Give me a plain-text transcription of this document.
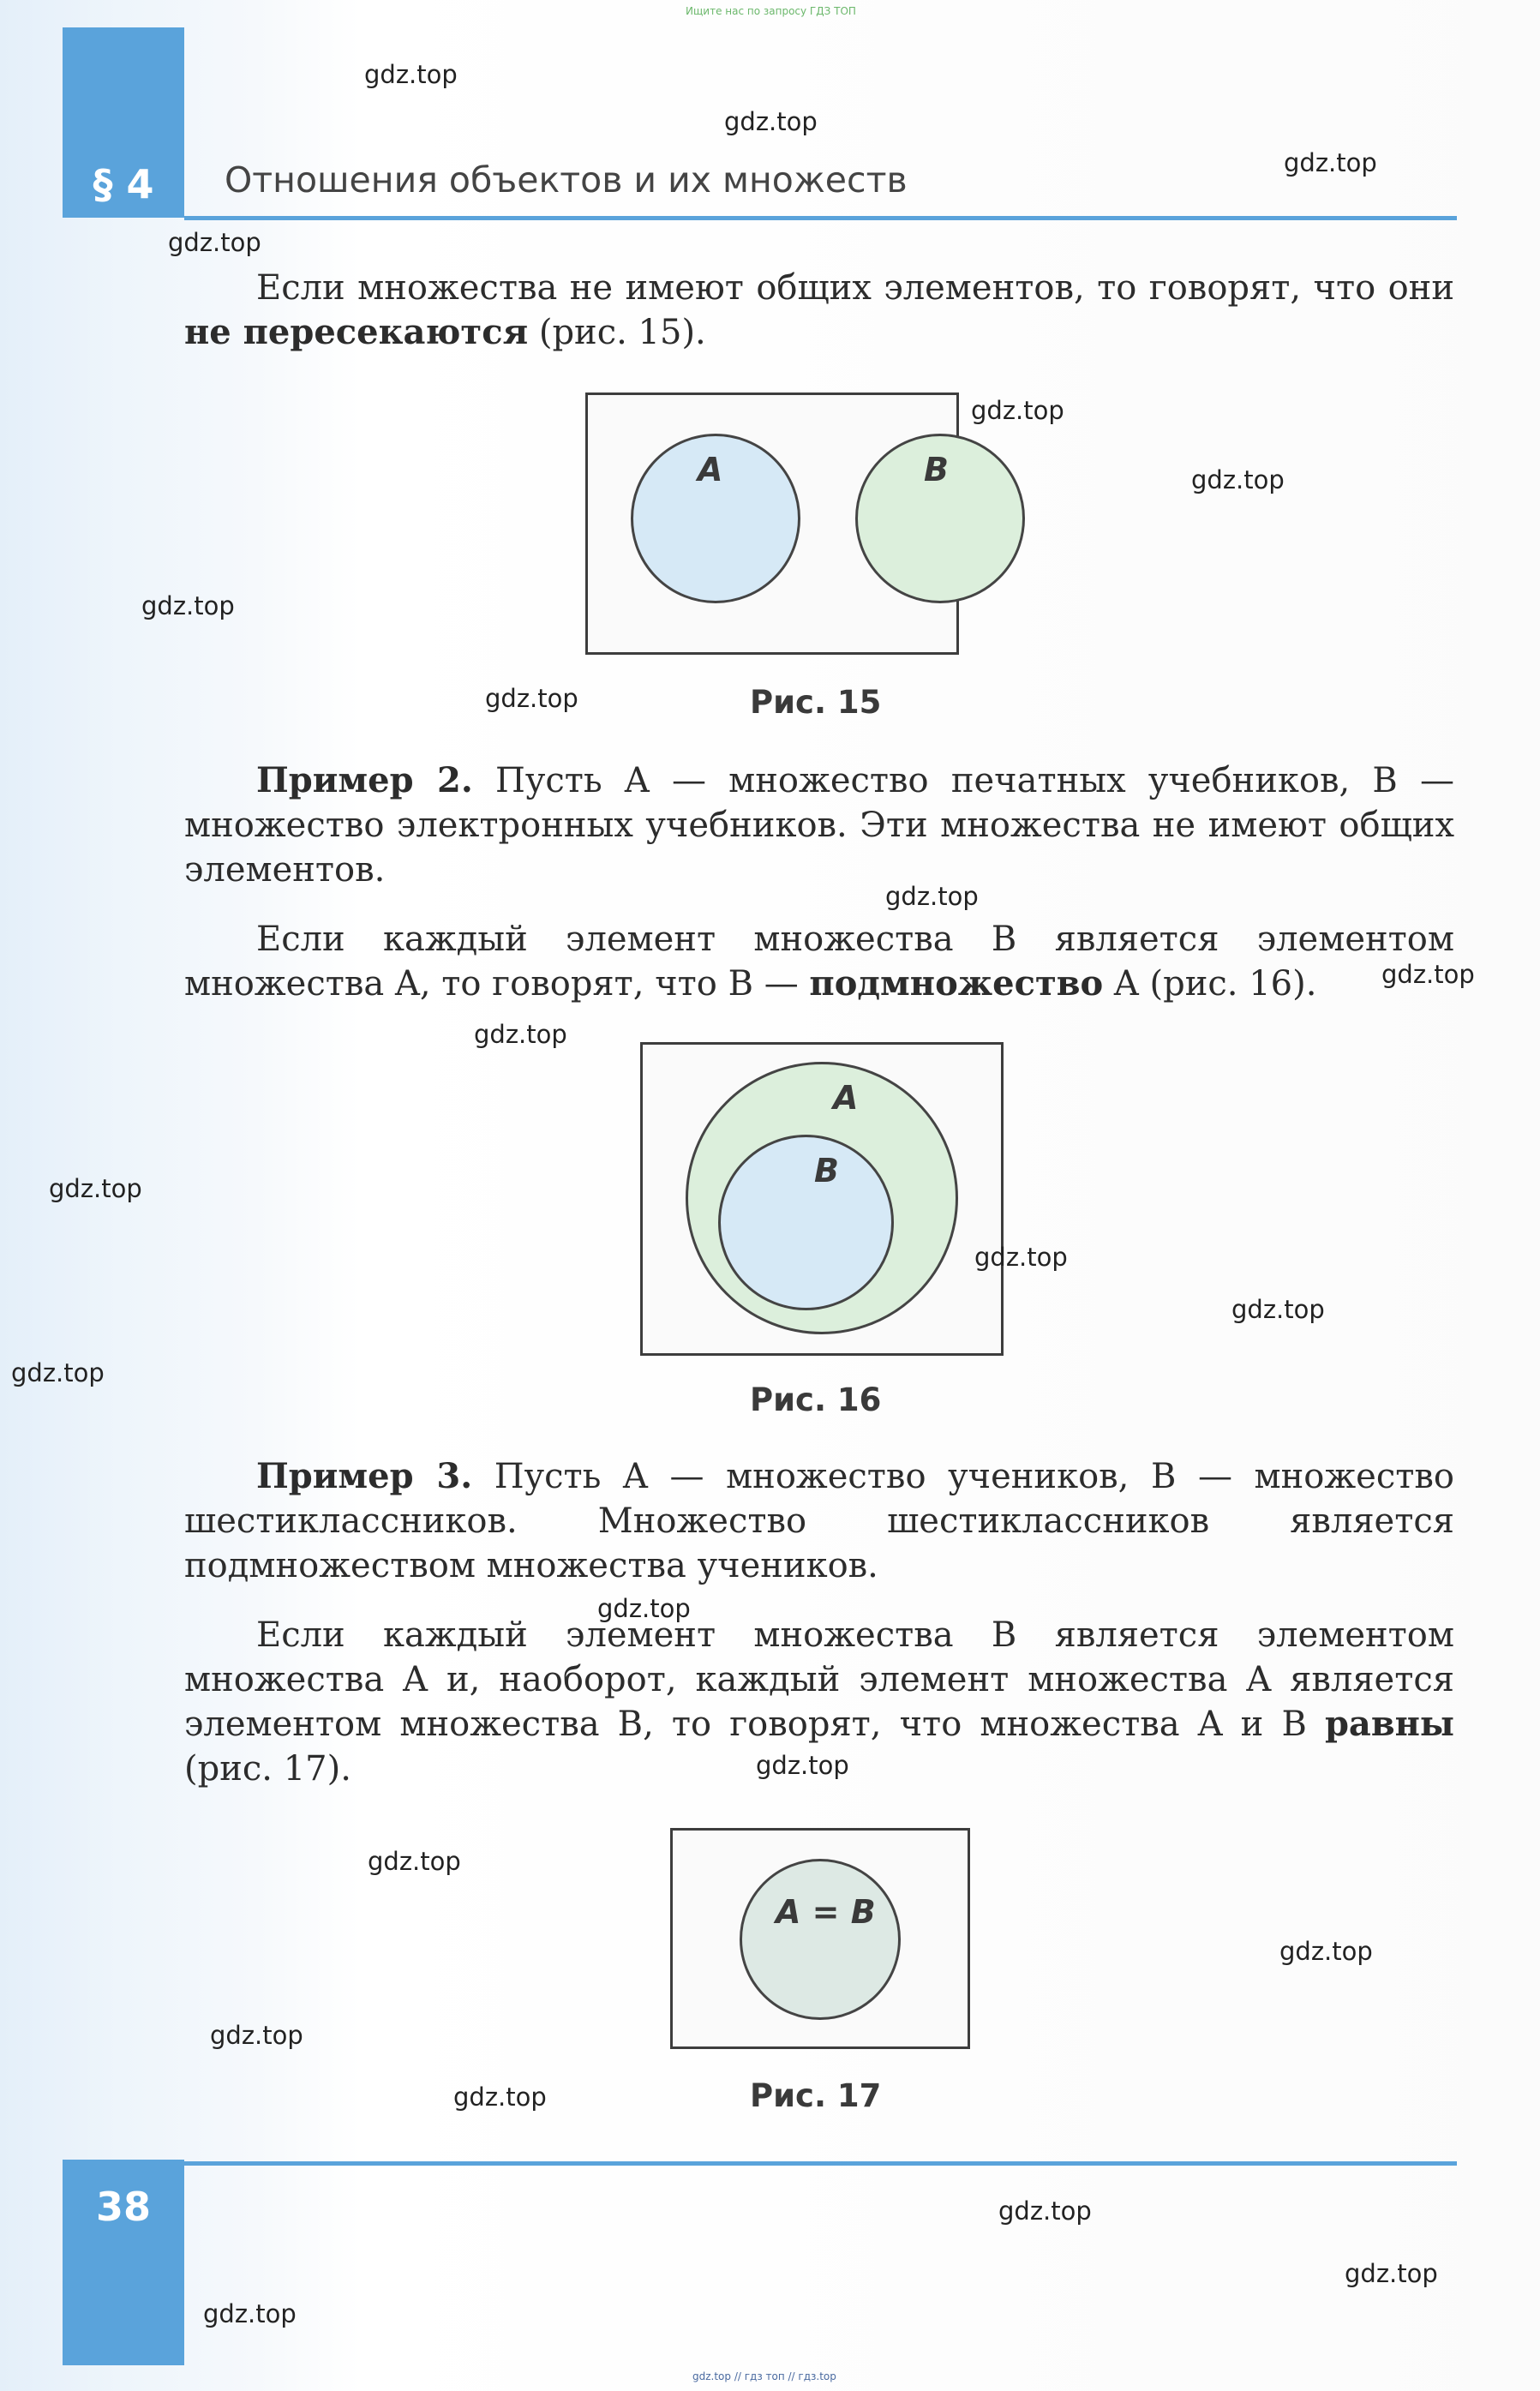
Ищите нас по запросу ГДЗ ТОП
§ 4	Отношения объектов и их множеств
Если множества не имеют общих элементов, то говорят, что они не пересекаются (рис. 15).
A	B
Рис. 15
Пример 2. Пусть A — множество печатных учебников, B — множество электронных учебников. Эти множества не имеют общих элементов.
Если каждый элемент множества B является элементом множества A, то говорят, что B — подмножество A (рис. 16).
A
B
Рис. 16
Пример 3. Пусть A — множество учеников, B — множество шестиклассников. Множество шестиклассников является подмножеством множества учеников.
Если каждый элемент множества B является элементом множества A и, наоборот, каждый элемент множества A является элементом множества B, то говорят, что множества A и B равны (рис. 17).
A = B
Рис. 17
38
gdz.top // гдз топ // гдз.top
gdz.top
gdz.top
gdz.top
gdz.top
gdz.top
gdz.top
gdz.top
gdz.top
gdz.top
gdz.top
gdz.top
gdz.top
gdz.top
gdz.top
gdz.top
gdz.top
gdz.top
gdz.top
gdz.top
gdz.top
gdz.top
gdz.top
gdz.top
gdz.top
